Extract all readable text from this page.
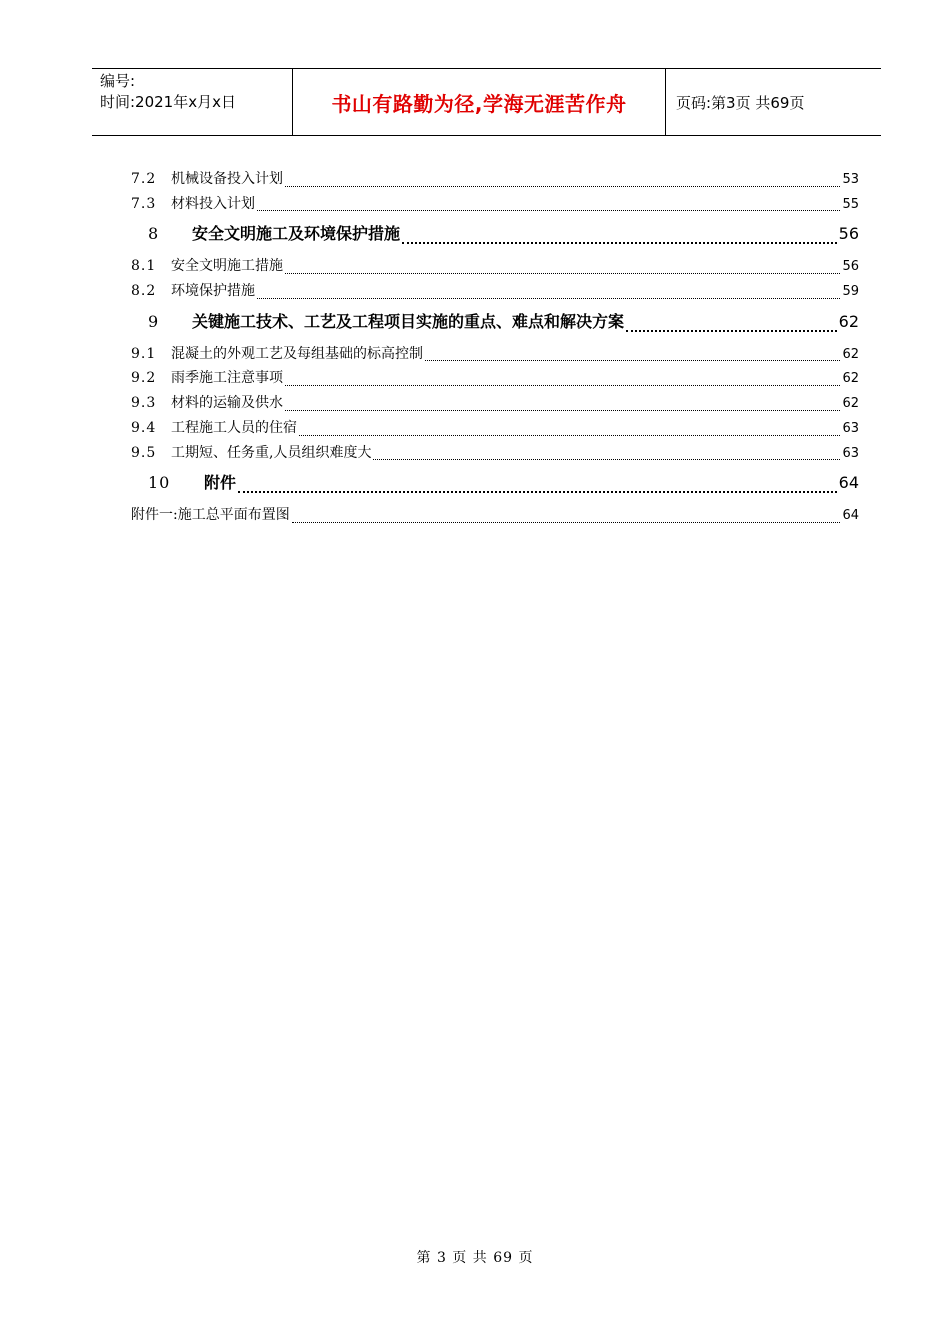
编号:
时间:2021年x月x日	书山有路勤为径,学海无涯苦作舟	页码:第3页 共69页
7.2	机械设备投入计划	53
7.3	材料投入计划	55
8	安全文明施工及环境保护措施	56
8.1	安全文明施工措施	56
8.2	环境保护措施	59
9	关键施工技术、工艺及工程项目实施的重点、难点和解决方案	62
9.1	混凝土的外观工艺及每组基础的标高控制	62
9.2	雨季施工注意事项	62
9.3	材料的运输及供水	62
9.4	工程施工人员的住宿	63
9.5	工期短、任务重,人员组织难度大	63
10	附件	64
附件一:施工总平面布置图	64
第 3 页 共 69 页
